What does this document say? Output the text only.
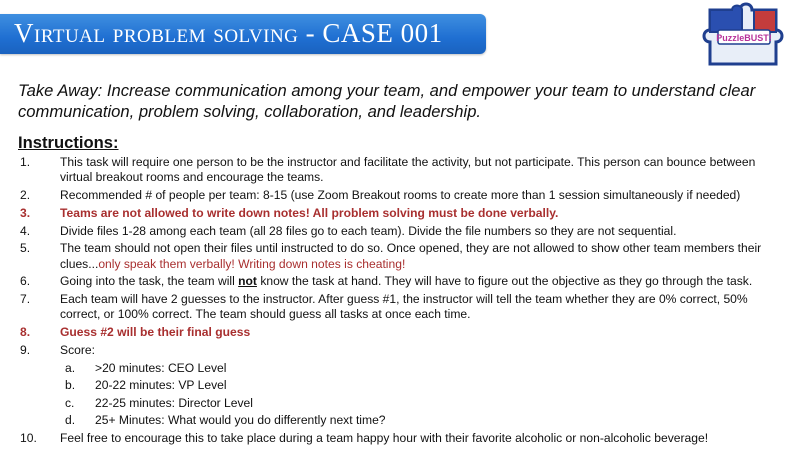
Virtual problem solving - CASE 001	PuzzleBUST!
Take Away: Increase communication among your team, and empower your team to understand clear communication, problem solving, collaboration, and leadership.
Instructions:
1.	This task will require one person to be the instructor and facilitate the activity, but not participate. This person can bounce between virtual breakout rooms and encourage the teams.
2.	Recommended # of people per team: 8-15 (use Zoom Breakout rooms to create more than 1 session simultaneously if needed)
3.	Teams are not allowed to write down notes! All problem solving must be done verbally.
4.	Divide files 1-28 among each team (all 28 files go to each team). Divide the file numbers so they are not sequential.
5.	The team should not open their files until instructed to do so. Once opened, they are not allowed to show other team members their clues...only speak them verbally! Writing down notes is cheating!
6.	Going into the task, the team will not know the task at hand. They will have to figure out the objective as they go through the task.
7.	Each team will have 2 guesses to the instructor. After guess #1, the instructor will tell the team whether they are 0% correct, 50% correct, or 100% correct. The team should guess all tasks at once each time.
8.	Guess #2 will be their final guess
9.	Score:
a.	>20 minutes: CEO Level
b.	20-22 minutes: VP Level
c.	22-25 minutes: Director Level
d.	25+ Minutes: What would you do differently next time?
10.	Feel free to encourage this to take place during a team happy hour with their favorite alcoholic or non-alcoholic beverage!
